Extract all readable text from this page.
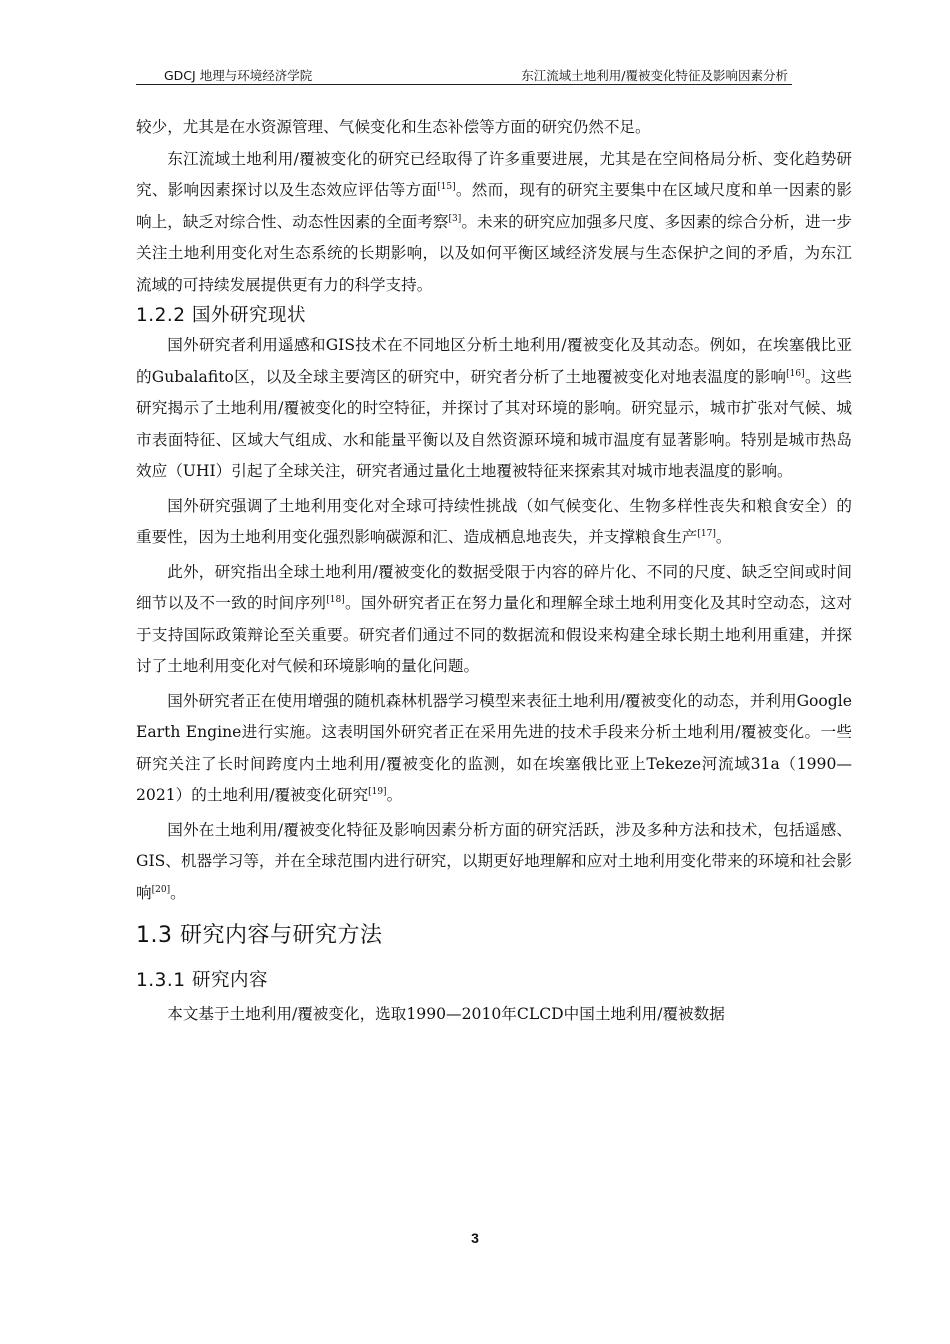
GDCJ 地理与环境经济学院	东江流域土地利用/覆被变化特征及影响因素分析

较少，尤其是在水资源管理、气候变化和生态补偿等方面的研究仍然不足。

东江流域土地利用/覆被变化的研究已经取得了许多重要进展，尤其是在空间格局分析、变化趋势研究、影响因素探讨以及生态效应评估等方面[15]。然而，现有的研究主要集中在区域尺度和单一因素的影响上，缺乏对综合性、动态性因素的全面考察[3]。未来的研究应加强多尺度、多因素的综合分析，进一步关注土地利用变化对生态系统的长期影响，以及如何平衡区域经济发展与生态保护之间的矛盾，为东江流域的可持续发展提供更有力的科学支持。

1.2.2 国外研究现状

国外研究者利用遥感和GIS技术在不同地区分析土地利用/覆被变化及其动态。例如，在埃塞俄比亚的Gubalafito区，以及全球主要湾区的研究中，研究者分析了土地覆被变化对地表温度的影响[16]。这些研究揭示了土地利用/覆被变化的时空特征，并探讨了其对环境的影响。研究显示，城市扩张对气候、城市表面特征、区域大气组成、水和能量平衡以及自然资源环境和城市温度有显著影响。特别是城市热岛效应（UHI）引起了全球关注，研究者通过量化土地覆被特征来探索其对城市地表温度的影响。

国外研究强调了土地利用变化对全球可持续性挑战（如气候变化、生物多样性丧失和粮食安全）的重要性，因为土地利用变化强烈影响碳源和汇、造成栖息地丧失，并支撑粮食生产[17]。

此外，研究指出全球土地利用/覆被变化的数据受限于内容的碎片化、不同的尺度、缺乏空间或时间细节以及不一致的时间序列[18]。国外研究者正在努力量化和理解全球土地利用变化及其时空动态，这对于支持国际政策辩论至关重要。研究者们通过不同的数据流和假设来构建全球长期土地利用重建，并探讨了土地利用变化对气候和环境影响的量化问题。

国外研究者正在使用增强的随机森林机器学习模型来表征土地利用/覆被变化的动态，并利用Google Earth Engine进行实施。这表明国外研究者正在采用先进的技术手段来分析土地利用/覆被变化。一些研究关注了长时间跨度内土地利用/覆被变化的监测，如在埃塞俄比亚上Tekeze河流域31a（1990—2021）的土地利用/覆被变化研究[19]。

国外在土地利用/覆被变化特征及影响因素分析方面的研究活跃，涉及多种方法和技术，包括遥感、GIS、机器学习等，并在全球范围内进行研究，以期更好地理解和应对土地利用变化带来的环境和社会影响[20]。

1.3 研究内容与研究方法
1.3.1 研究内容

本文基于土地利用/覆被变化，选取1990—2010年CLCD中国土地利用/覆被数据

3
